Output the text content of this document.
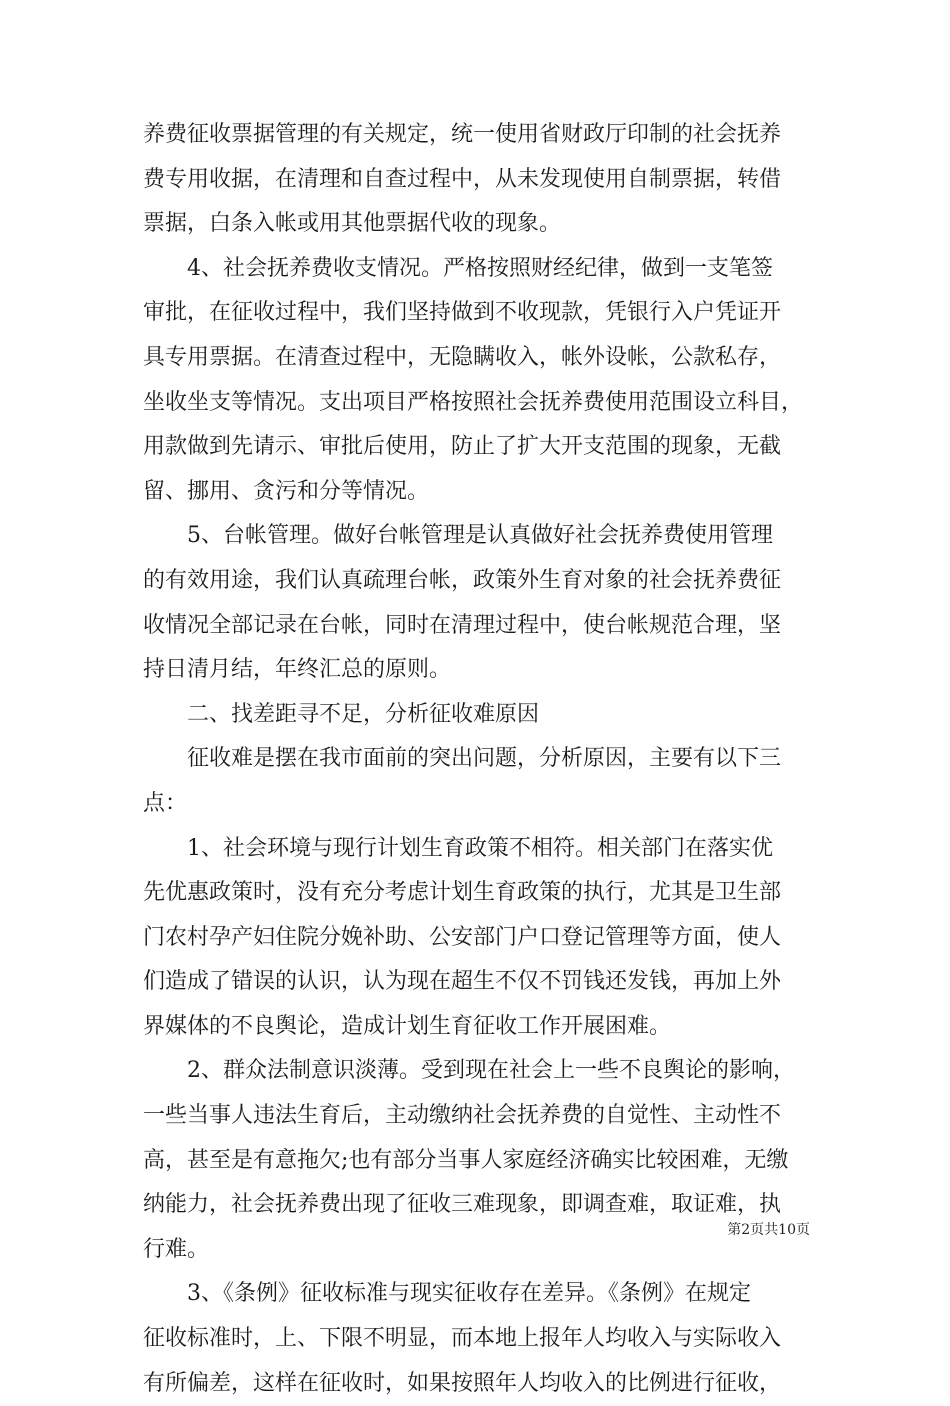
养费征收票据管理的有关规定，统一使用省财政厅印制的社会抚养
费专用收据，在清理和自查过程中，从未发现使用自制票据，转借
票据，白条入帐或用其他票据代收的现象。
4、社会抚养费收支情况。严格按照财经纪律，做到一支笔签
审批，在征收过程中，我们坚持做到不收现款，凭银行入户凭证开
具专用票据。在清查过程中，无隐瞒收入，帐外设帐，公款私存，
坐收坐支等情况。支出项目严格按照社会抚养费使用范围设立科目，
用款做到先请示、审批后使用，防止了扩大开支范围的现象，无截
留、挪用、贪污和分等情况。
5、台帐管理。做好台帐管理是认真做好社会抚养费使用管理
的有效用途，我们认真疏理台帐，政策外生育对象的社会抚养费征
收情况全部记录在台帐，同时在清理过程中，使台帐规范合理，坚
持日清月结，年终汇总的原则。
二、找差距寻不足，分析征收难原因
征收难是摆在我市面前的突出问题，分析原因，主要有以下三
点：
1、社会环境与现行计划生育政策不相符。相关部门在落实优
先优惠政策时，没有充分考虑计划生育政策的执行，尤其是卫生部
门农村孕产妇住院分娩补助、公安部门户口登记管理等方面，使人
们造成了错误的认识，认为现在超生不仅不罚钱还发钱，再加上外
界媒体的不良舆论，造成计划生育征收工作开展困难。
2、群众法制意识淡薄。受到现在社会上一些不良舆论的影响，
一些当事人违法生育后，主动缴纳社会抚养费的自觉性、主动性不
高，甚至是有意拖欠;也有部分当事人家庭经济确实比较困难，无缴
纳能力，社会抚养费出现了征收三难现象，即调查难，取证难，执
行难。
3、《条例》征收标准与现实征收存在差异。《条例》在规定
征收标准时，上、下限不明显，而本地上报年人均收入与实际收入
有所偏差，这样在征收时，如果按照年人均收入的比例进行征收，
第2页共10页
